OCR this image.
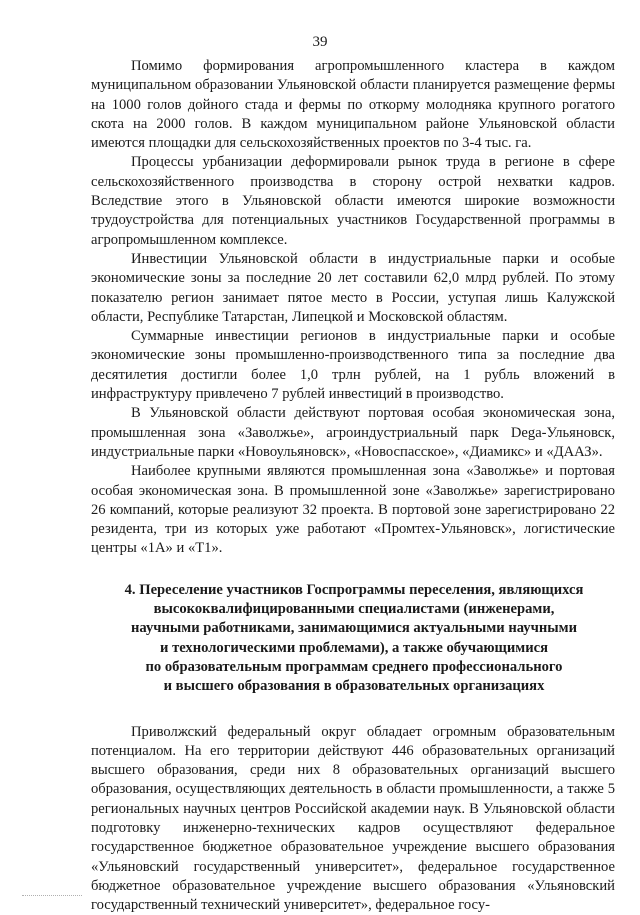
39

Помимо формирования агропромышленного кластера в каждом муниципальном образовании Ульяновской области планируется размещение фермы на 1000 голов дойного стада и фермы по откорму молодняка крупного рогатого скота на 2000 голов. В каждом муниципальном районе Ульяновской области имеются площадки для сельскохозяйственных проектов по 3-4 тыс. га.

Процессы урбанизации деформировали рынок труда в регионе в сфере сельскохозяйственного производства в сторону острой нехватки кадров. Вследствие этого в Ульяновской области имеются широкие возможности трудоустройства для потенциальных участников Государственной программы в агропромышленном комплексе.

Инвестиции Ульяновской области в индустриальные парки и особые экономические зоны за последние 20 лет составили 62,0 млрд рублей. По этому показателю регион занимает пятое место в России, уступая лишь Калужской области, Республике Татарстан, Липецкой и Московской областям.

Суммарные инвестиции регионов в индустриальные парки и особые экономические зоны промышленно-производственного типа за последние два десятилетия достигли более 1,0 трлн рублей, на 1 рубль вложений в инфраструктуру привлечено 7 рублей инвестиций в производство.

В Ульяновской области действуют портовая особая экономическая зона, промышленная зона «Заволжье», агроиндустриальный парк Dega-Ульяновск, индустриальные парки «Новоульяновск», «Новоспасское», «Диамикс» и «ДААЗ».

Наиболее крупными являются промышленная зона «Заволжье» и портовая особая экономическая зона. В промышленной зоне «Заволжье» зарегистрировано 26 компаний, которые реализуют 32 проекта. В портовой зоне зарегистрировано 22 резидента, три из которых уже работают «Промтех-Ульяновск», логистические центры «1А» и «Т1».

4. Переселение участников Госпрограммы переселения, являющихся
высококвалифицированными специалистами (инженерами,
научными работниками, занимающимися актуальными научными
и технологическими проблемами), а также обучающимися
по образовательным программам среднего профессионального
и высшего образования в образовательных организациях

Приволжский федеральный округ обладает огромным образовательным потенциалом. На его территории действуют 446 образовательных организаций высшего образования, среди них 8 образовательных организаций высшего образования, осуществляющих деятельность в области промышленности, а также 5 региональных научных центров Российской академии наук. В Ульяновской области подготовку инженерно-технических кадров осуществляют федеральное государственное бюджетное образовательное учреждение высшего образования «Ульяновский государственный университет», федеральное государственное бюджетное образовательное учреждение высшего образования «Ульяновский государственный технический университет», федеральное госу-
